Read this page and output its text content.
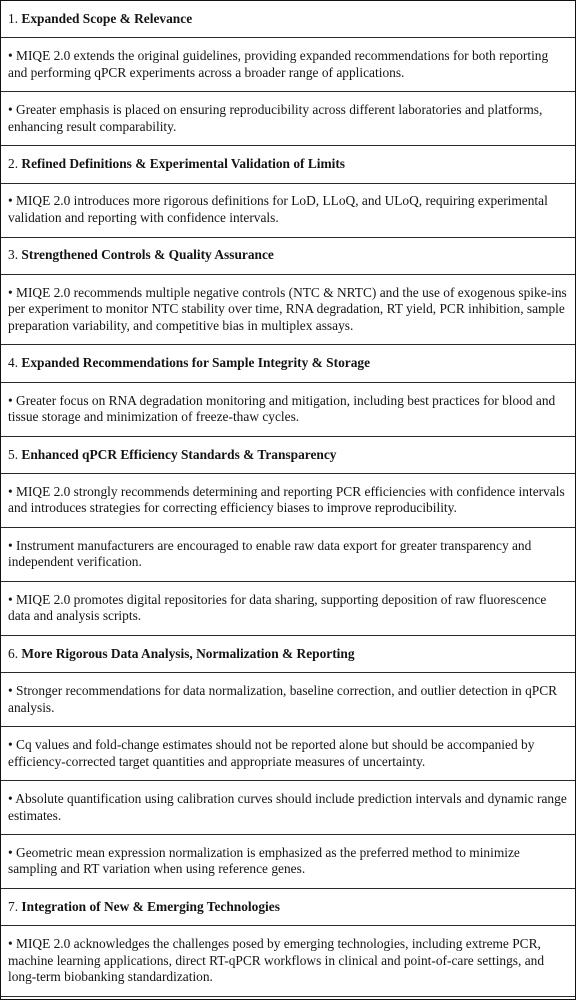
1. Expanded Scope & Relevance
• MIQE 2.0 extends the original guidelines, providing expanded recommendations for both reporting and performing qPCR experiments across a broader range of applications.
• Greater emphasis is placed on ensuring reproducibility across different laboratories and platforms, enhancing result comparability.
2. Refined Definitions & Experimental Validation of Limits
• MIQE 2.0 introduces more rigorous definitions for LoD, LLoQ, and ULoQ, requiring experimental validation and reporting with confidence intervals.
3. Strengthened Controls & Quality Assurance
• MIQE 2.0 recommends multiple negative controls (NTC & NRTC) and the use of exogenous spike-ins per experiment to monitor NTC stability over time, RNA degradation, RT yield, PCR inhibition, sample preparation variability, and competitive bias in multiplex assays.
4. Expanded Recommendations for Sample Integrity & Storage
• Greater focus on RNA degradation monitoring and mitigation, including best practices for blood and tissue storage and minimization of freeze-thaw cycles.
5. Enhanced qPCR Efficiency Standards & Transparency
• MIQE 2.0 strongly recommends determining and reporting PCR efficiencies with confidence intervals and introduces strategies for correcting efficiency biases to improve reproducibility.
• Instrument manufacturers are encouraged to enable raw data export for greater transparency and independent verification.
• MIQE 2.0 promotes digital repositories for data sharing, supporting deposition of raw fluorescence data and analysis scripts.
6. More Rigorous Data Analysis, Normalization & Reporting
• Stronger recommendations for data normalization, baseline correction, and outlier detection in qPCR analysis.
• Cq values and fold-change estimates should not be reported alone but should be accompanied by efficiency-corrected target quantities and appropriate measures of uncertainty.
• Absolute quantification using calibration curves should include prediction intervals and dynamic range estimates.
• Geometric mean expression normalization is emphasized as the preferred method to minimize sampling and RT variation when using reference genes.
7. Integration of New & Emerging Technologies
• MIQE 2.0 acknowledges the challenges posed by emerging technologies, including extreme PCR, machine learning applications, direct RT-qPCR workflows in clinical and point-of-care settings, and long-term biobanking standardization.
